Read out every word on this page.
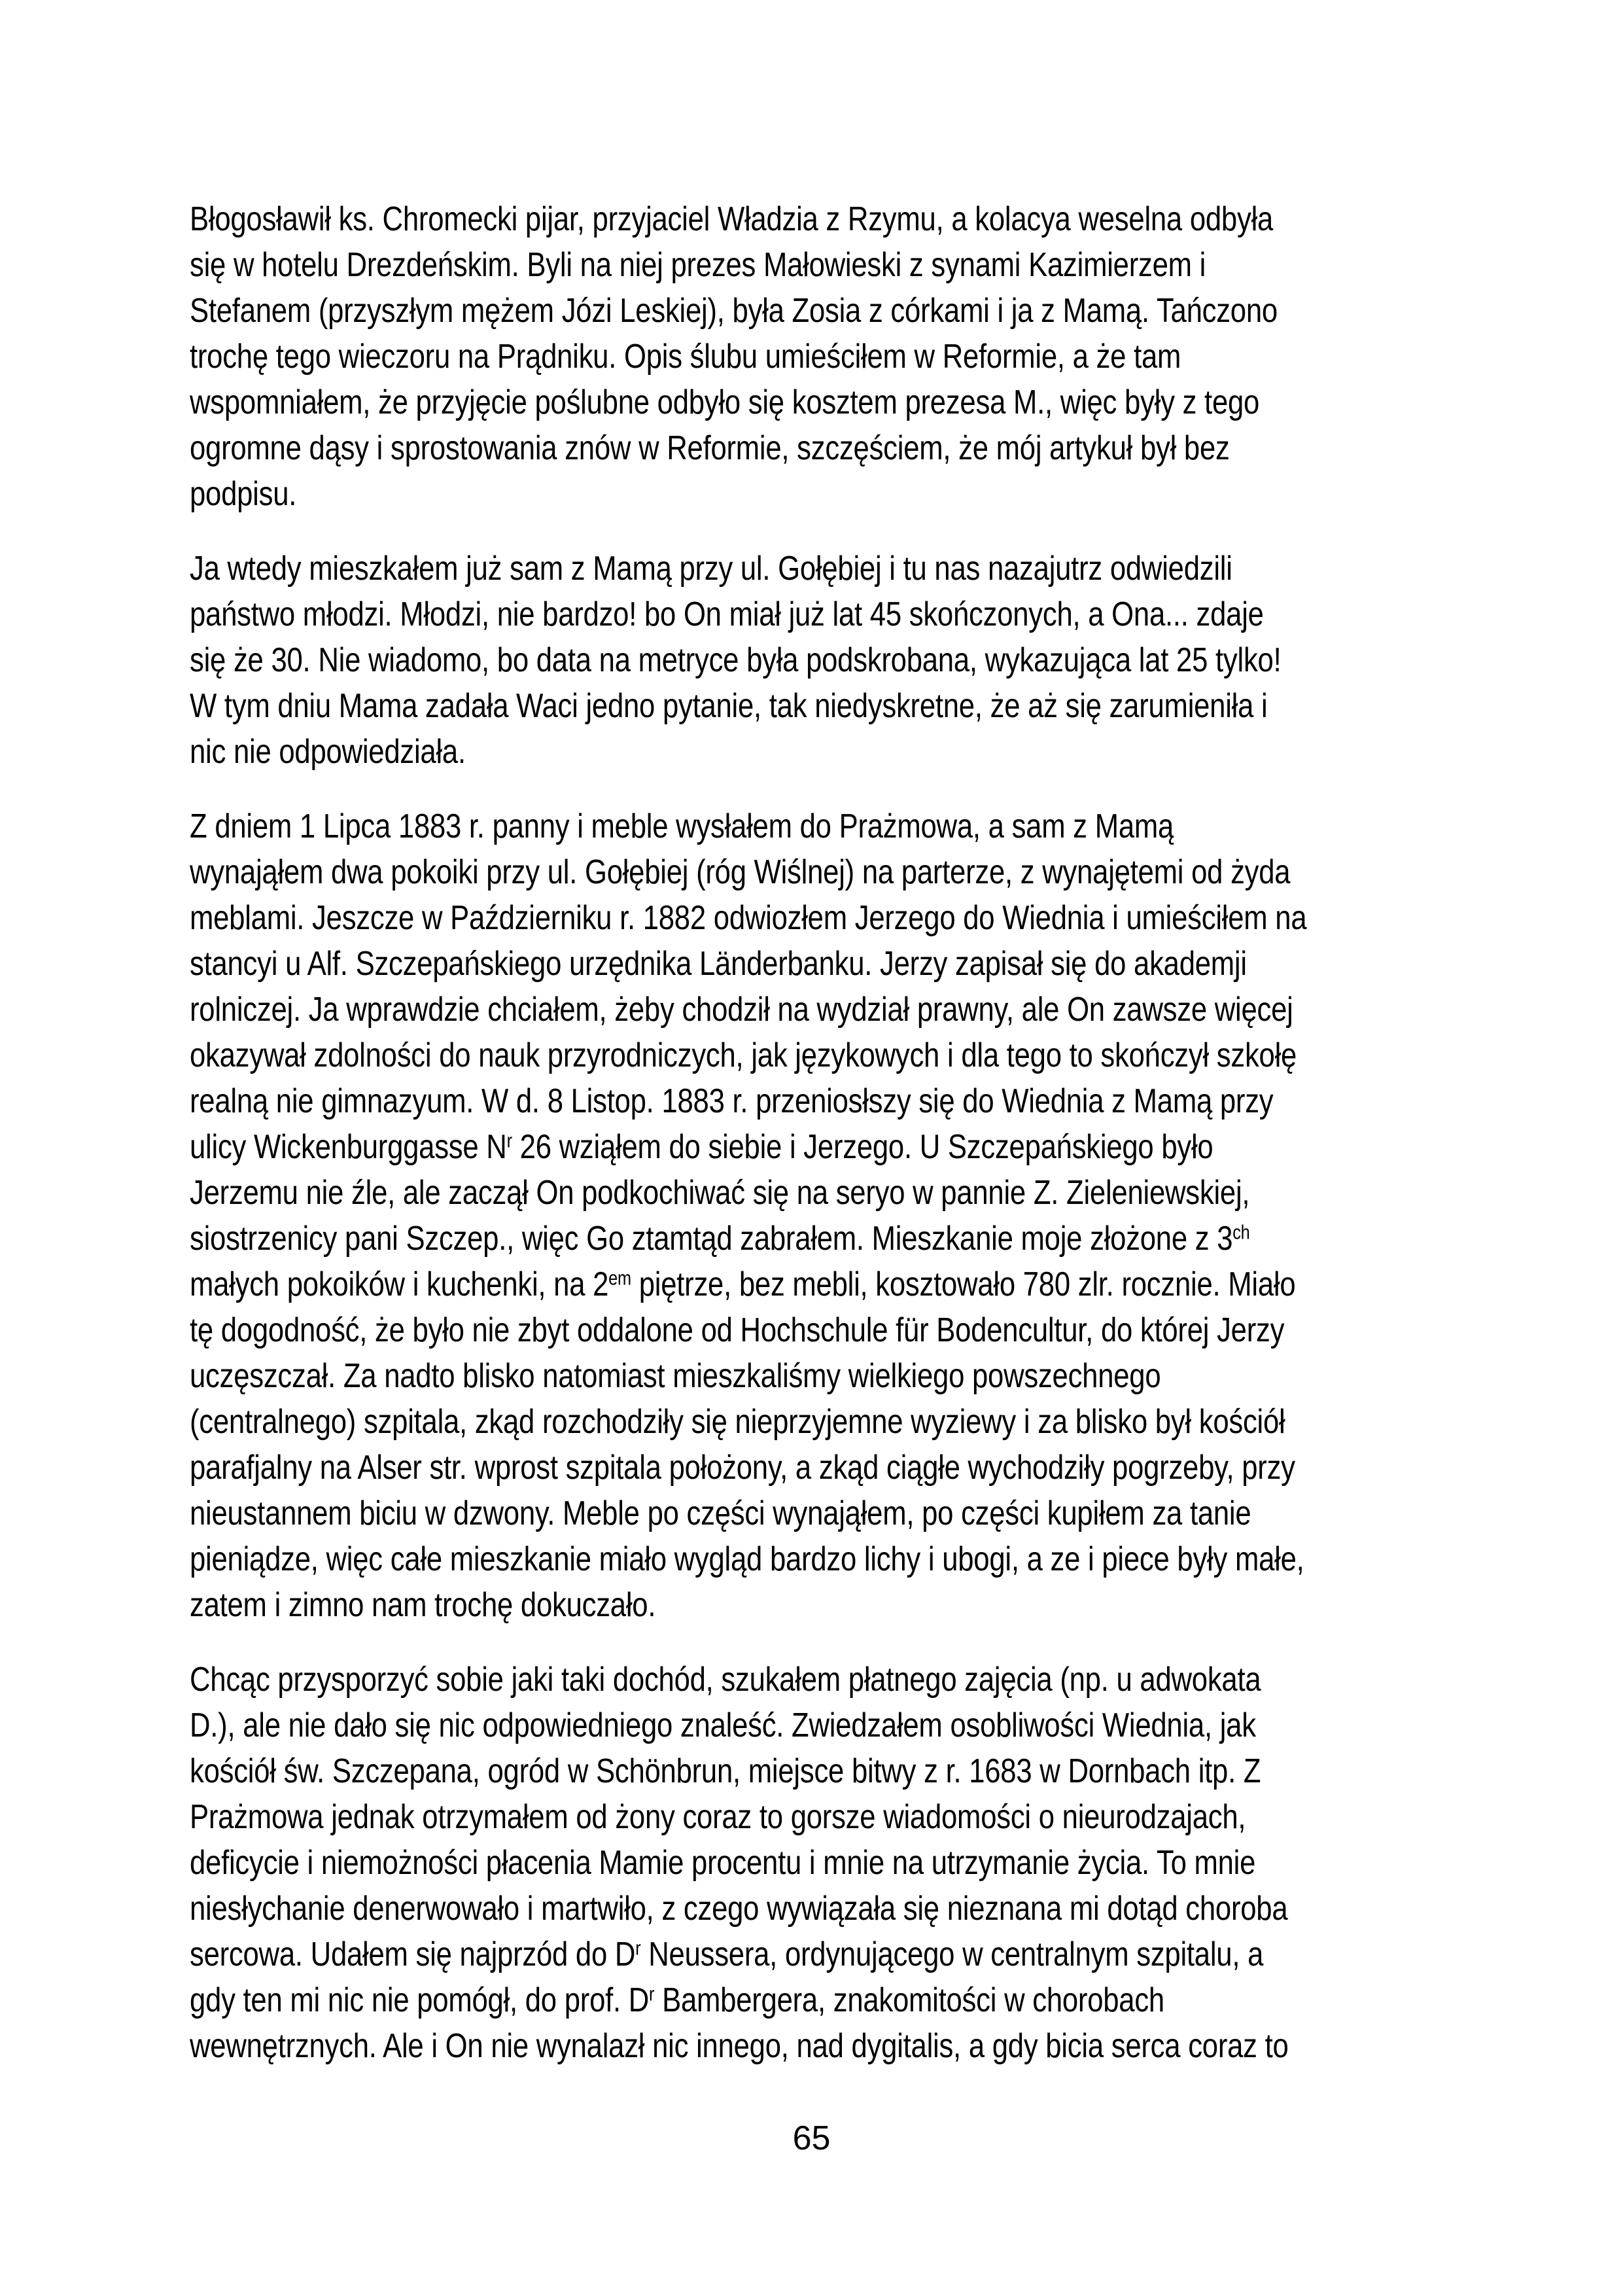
Błogosławił ks. Chromecki pijar, przyjaciel Władzia z Rzymu, a kolacya weselna odbyła
się w hotelu Drezdeńskim. Byli na niej prezes Małowieski z synami Kazimierzem i
Stefanem (przyszłym mężem Józi Leskiej), była Zosia z córkami i ja z Mamą. Tańczono
trochę tego wieczoru na Prądniku. Opis ślubu umieściłem w Reformie, a że tam
wspomniałem, że przyjęcie poślubne odbyło się kosztem prezesa M., więc były z tego
ogromne dąsy i sprostowania znów w Reformie, szczęściem, że mój artykuł był bez
podpisu.
Ja wtedy mieszkałem już sam z Mamą przy ul. Gołębiej i tu nas nazajutrz odwiedzili
państwo młodzi. Młodzi, nie bardzo! bo On miał już lat 45 skończonych, a Ona... zdaje
się że 30. Nie wiadomo, bo data na metryce była podskrobana, wykazująca lat 25 tylko!
W tym dniu Mama zadała Waci jedno pytanie, tak niedyskretne, że aż się zarumieniła i
nic nie odpowiedziała.
Z dniem 1 Lipca 1883 r. panny i meble wysłałem do Prażmowa, a sam z Mamą
wynająłem dwa pokoiki przy ul. Gołębiej (róg Wiślnej) na parterze, z wynajętemi od żyda
meblami. Jeszcze w Październiku r. 1882 odwiozłem Jerzego do Wiednia i umieściłem na
stancyi u Alf. Szczepańskiego urzędnika Länderbanku. Jerzy zapisał się do akademji
rolniczej. Ja wprawdzie chciałem, żeby chodził na wydział prawny, ale On zawsze więcej
okazywał zdolności do nauk przyrodniczych, jak językowych i dla tego to skończył szkołę
realną nie gimnazyum. W d. 8 Listop. 1883 r. przeniosłszy się do Wiednia z Mamą przy
ulicy Wickenburggasse $N^r$ 26 wziąłem do siebie i Jerzego. U Szczepańskiego było
Jerzemu nie źle, ale zaczął On podkochiwać się na seryo w pannie Z. Zieleniewskiej,
siostrzenicy pani Szczep., więc Go ztamtąd zabrałem. Mieszkanie moje złożone z $3^{ch}$
małych pokoików i kuchenki, na $2^{em}$ piętrze, bez mebli, kosztowało 780 zlr. rocznie. Miało
tę dogodność, że było nie zbyt oddalone od Hochschule für Bodencultur, do której Jerzy
uczęszczał. Za nadto blisko natomiast mieszkaliśmy wielkiego powszechnego
(centralnego) szpitala, zkąd rozchodziły się nieprzyjemne wyziewy i za blisko był kościół
parafjalny na Alser str. wprost szpitala położony, a zkąd ciągłe wychodziły pogrzeby, przy
nieustannem biciu w dzwony. Meble po części wynająłem, po części kupiłem za tanie
pieniądze, więc całe mieszkanie miało wygląd bardzo lichy i ubogi, a ze i piece były małe,
zatem i zimno nam trochę dokuczało.
Chcąc przysporzyć sobie jaki taki dochód, szukałem płatnego zajęcia (np. u adwokata
D.), ale nie dało się nic odpowiedniego znaleść. Zwiedzałem osobliwości Wiednia, jak
kościół św. Szczepana, ogród w Schönbrun, miejsce bitwy z r. 1683 w Dornbach itp. Z
Prażmowa jednak otrzymałem od żony coraz to gorsze wiadomości o nieurodzajach,
deficycie i niemożności płacenia Mamie procentu i mnie na utrzymanie życia. To mnie
niesłychanie denerwowało i martwiło, z czego wywiązała się nieznana mi dotąd choroba
sercowa. Udałem się najprzód do $D^r$ Neussera, ordynującego w centralnym szpitalu, a
gdy ten mi nic nie pomógł, do prof. $D^r$ Bambergera, znakomitości w chorobach
wewnętrznych. Ale i On nie wynalazł nic innego, nad dygitalis, a gdy bicia serca coraz to
65
